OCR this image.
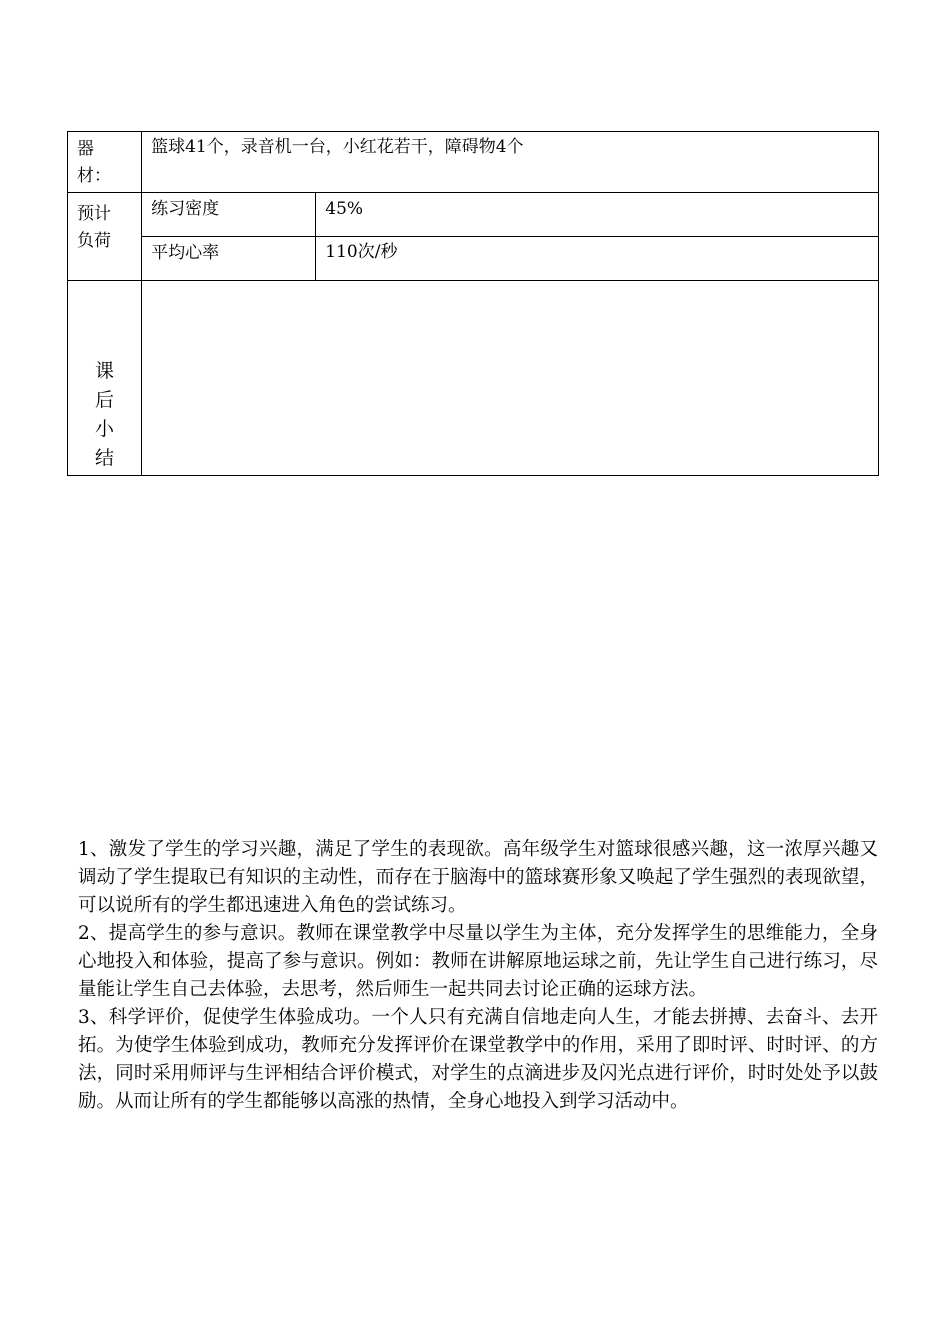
器材：	篮球41个，录音机一台，小红花若干，障碍物4个	

预计负荷	练习密度	45%
	平均心率	110次/秒
课后小结		

1、激发了学生的学习兴趣，满足了学生的表现欲。高年级学生对篮球很感兴趣，这一浓厚兴趣又调动了学生提取已有知识的主动性，而存在于脑海中的篮球赛形象又唤起了学生强烈的表现欲望，可以说所有的学生都迅速进入角色的尝试练习。

2、提高学生的参与意识。教师在课堂教学中尽量以学生为主体，充分发挥学生的思维能力，全身心地投入和体验，提高了参与意识。例如：教师在讲解原地运球之前，先让学生自己进行练习，尽量能让学生自己去体验，去思考，然后师生一起共同去讨论正确的运球方法。

3、科学评价，促使学生体验成功。一个人只有充满自信地走向人生，才能去拼搏、去奋斗、去开拓。为使学生体验到成功，教师充分发挥评价在课堂教学中的作用，采用了即时评、时时评、的方法，同时采用师评与生评相结合评价模式，对学生的点滴进步及闪光点进行评价，时时处处予以鼓励。从而让所有的学生都能够以高涨的热情，全身心地投入到学习活动中。
